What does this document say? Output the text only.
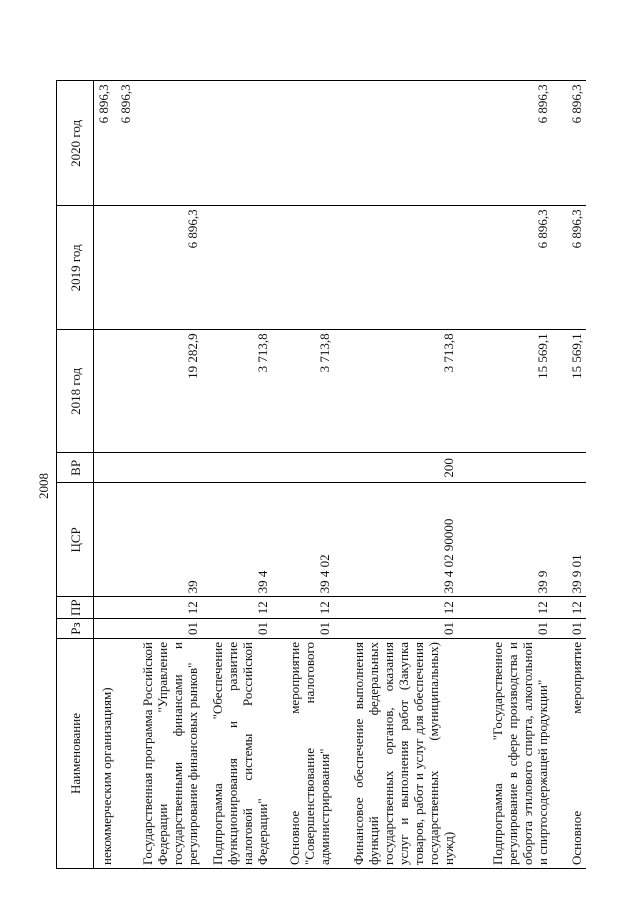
2008
Наименование	Рз	ПР	ЦСР	ВР	2018 год	2019 год	2020 год
некоммерческим организациям)							6 896,3
Государственная программа Российской Федерации "Управление государственными финансами и регулирование финансовых рынков"	01	12	39		19 282,9	6 896,3	6 896,3
Подпрограмма "Обеспечение функционирования и развитие налоговой системы Российской Федерации"	01	12	39 4		3 713,8		
Основное мероприятие "Совершенствование налогового администрирования"	01	12	39 4 02		3 713,8		
Финансовое обеспечение выполнения функций федеральных государственных органов, оказания услуг и выполнения работ (Закупка товаров, работ и услуг для обеспечения государственных (муниципальных) нужд)	01	12	39 4 02 90000	200	3 713,8		
Подпрограмма "Государственное регулирование в сфере производства и оборота этилового спирта, алкогольной и спиртосодержащей продукции"	01	12	39 9		15 569,1	6 896,3	6 896,3
Основное мероприятие	01	12	39 9 01		15 569,1	6 896,3	6 896,3
